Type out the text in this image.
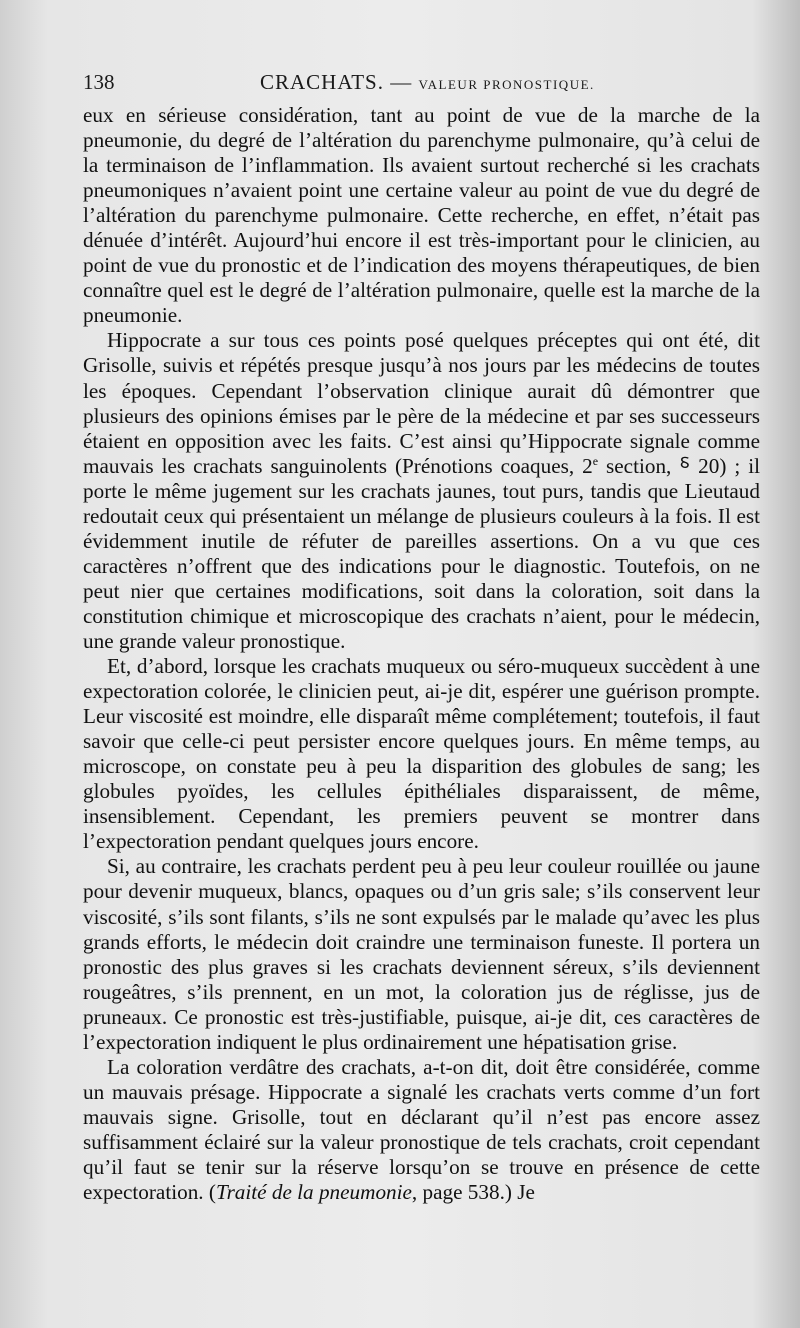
138	CRACHATS. — VALEUR PRONOSTIQUE.

eux en sérieuse considération, tant au point de vue de la marche de la pneumonie, du degré de l’altération du parenchyme pulmonaire, qu’à celui de la terminaison de l’inflammation. Ils avaient surtout recherché si les crachats pneumoniques n’avaient point une certaine valeur au point de vue du degré de l’altération du parenchyme pulmonaire. Cette recherche, en effet, n’était pas dénuée d’intérêt. Aujourd’hui encore il est très-important pour le clinicien, au point de vue du pronostic et de l’indication des moyens thérapeutiques, de bien connaître quel est le degré de l’altération pulmonaire, quelle est la marche de la pneumonie.

Hippocrate a sur tous ces points posé quelques préceptes qui ont été, dit Grisolle, suivis et répétés presque jusqu’à nos jours par les médecins de toutes les époques. Cependant l’observation clinique aurait dû démontrer que plusieurs des opinions émises par le père de la médecine et par ses successeurs étaient en opposition avec les faits. C’est ainsi qu’Hippocrate signale comme mauvais les crachats sanguinolents (Prénotions coaques, 2e section, ⸹ 20) ; il porte le même jugement sur les crachats jaunes, tout purs, tandis que Lieutaud redoutait ceux qui présentaient un mélange de plusieurs couleurs à la fois. Il est évidemment inutile de réfuter de pareilles assertions. On a vu que ces caractères n’offrent que des indications pour le diagnostic. Toutefois, on ne peut nier que certaines modifications, soit dans la coloration, soit dans la constitution chimique et microscopique des crachats n’aient, pour le médecin, une grande valeur pronostique.

Et, d’abord, lorsque les crachats muqueux ou séro-muqueux succèdent à une expectoration colorée, le clinicien peut, ai-je dit, espérer une guérison prompte. Leur viscosité est moindre, elle disparaît même complétement; toutefois, il faut savoir que celle-ci peut persister encore quelques jours. En même temps, au microscope, on constate peu à peu la disparition des globules de sang; les globules pyoïdes, les cellules épithéliales disparaissent, de même, insensiblement. Cependant, les premiers peuvent se montrer dans l’expectoration pendant quelques jours encore.

Si, au contraire, les crachats perdent peu à peu leur couleur rouillée ou jaune pour devenir muqueux, blancs, opaques ou d’un gris sale; s’ils conservent leur viscosité, s’ils sont filants, s’ils ne sont expulsés par le malade qu’avec les plus grands efforts, le médecin doit craindre une terminaison funeste. Il portera un pronostic des plus graves si les crachats deviennent séreux, s’ils deviennent rougeâtres, s’ils prennent, en un mot, la coloration jus de réglisse, jus de pruneaux. Ce pronostic est très-justifiable, puisque, ai-je dit, ces caractères de l’expectoration indiquent le plus ordinairement une hépatisation grise.

La coloration verdâtre des crachats, a-t-on dit, doit être considérée, comme un mauvais présage. Hippocrate a signalé les crachats verts comme d’un fort mauvais signe. Grisolle, tout en déclarant qu’il n’est pas encore assez suffisamment éclairé sur la valeur pronostique de tels crachats, croit cependant qu’il faut se tenir sur la réserve lorsqu’on se trouve en présence de cette expectoration. (Traité de la pneumonie, page 538.) Je
